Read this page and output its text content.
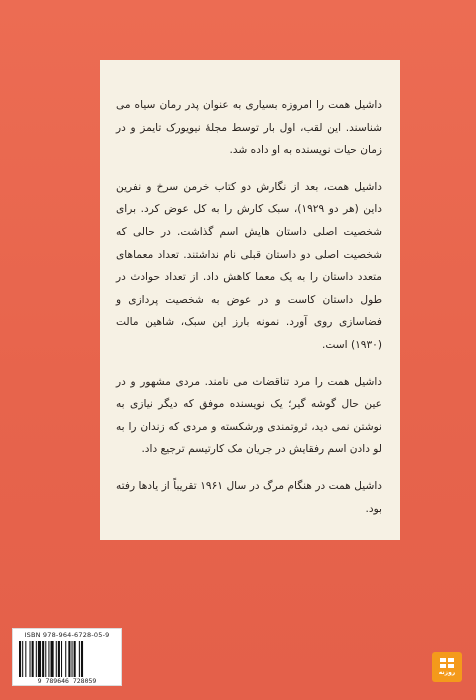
داشیل همت را امروزه بسیاری به عنوان پدر رمان سیاه می شناسند. این لقب، اول بار توسط مجلهٔ نیویورک تایمز و در زمان حیات نویسنده به او داده شد.

داشیل همت، بعد از نگارش دو کتاب خرمن سرخ و نفرین داین (هر دو ۱۹۲۹)، سبک کارش را به کل عوض کرد. برای شخصیت اصلی داستان هایش اسم گذاشت. در حالی که شخصیت اصلی دو داستان قبلی نام نداشتند. تعداد معماهای متعدد داستان را به یک معما کاهش داد. از تعداد حوادث در طول داستان کاست و در عوض به شخصیت پردازی و فضاسازی روی آورد. نمونه بارز این سبک، شاهین مالت (۱۹۳۰) است.

داشیل همت را مرد تناقضات می نامند. مردی مشهور و در عین حال گوشه گیر؛ یک نویسنده موفق که دیگر نیازی به نوشتن نمی دید، ثروتمندی ورشکسته و مردی که زندان را به لو دادن اسم رفقایش در جریان مک کارتیسم ترجیع داد.

داشیل همت در هنگام مرگ در سال ۱۹۶۱ تقریباً از یادها رفته بود.

ISBN 978-964-6728-05-9
9 789646 728059
روزنه
